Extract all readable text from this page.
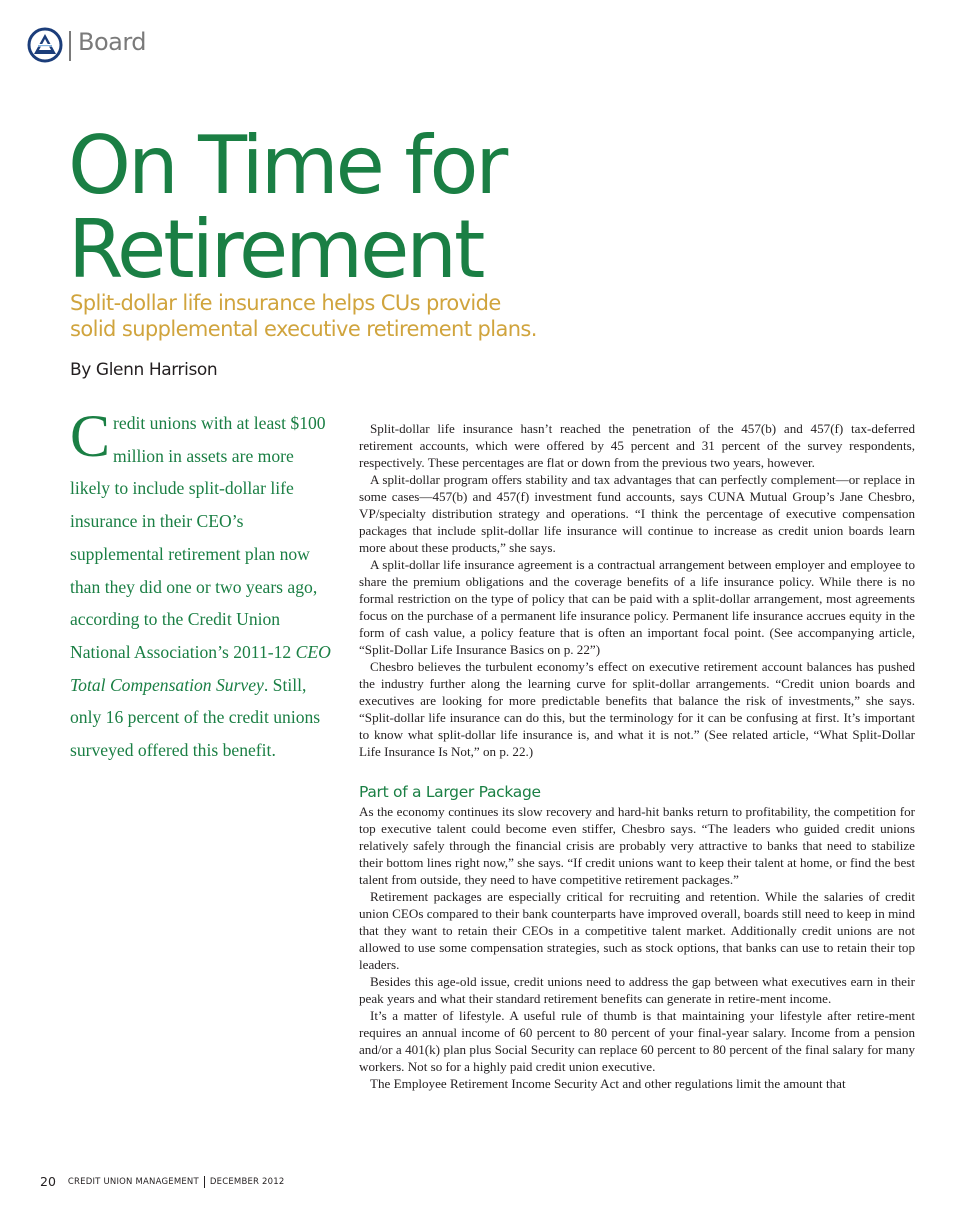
Board
On Time for
Retirement
Split-dollar life insurance helps CUs provide
solid supplemental executive retirement plans.
By Glenn Harrison
Credit unions with at least $100 million in assets are more likely to include split-dollar life insurance in their CEO’s supplemental retirement plan now than they did one or two years ago, according to the Credit Union National Association’s 2011-12 CEO Total Compensation Survey. Still, only 16 percent of the credit unions surveyed offered this benefit.

Split-dollar life insurance hasn’t reached the penetration of the 457(b) and 457(f) tax-deferred retirement accounts, which were offered by 45 percent and 31 percent of the survey respondents, respectively. These percentages are flat or down from the previous two years, however.

A split-dollar program offers stability and tax advantages that can perfectly complement—or replace in some cases—457(b) and 457(f) investment fund accounts, says CUNA Mutual Group’s Jane Chesbro, VP/specialty distribution strategy and operations. “I think the percentage of executive compensation packages that include split-dollar life insurance will continue to increase as credit union boards learn more about these products,” she says.

A split-dollar life insurance agreement is a contractual arrangement between employer and employee to share the premium obligations and the coverage benefits of a life insurance policy. While there is no formal restriction on the type of policy that can be paid with a split-dollar arrangement, most agreements focus on the purchase of a permanent life insurance policy. Permanent life insurance accrues equity in the form of cash value, a policy feature that is often an important focal point. (See accompanying article, “Split-Dollar Life Insurance Basics on p. 22”)

Chesbro believes the turbulent economy’s effect on executive retirement account balances has pushed the industry further along the learning curve for split-dollar arrangements. “Credit union boards and executives are looking for more predictable benefits that balance the risk of investments,” she says. “Split-dollar life insurance can do this, but the terminology for it can be confusing at first. It’s important to know what split-dollar life insurance is, and what it is not.” (See related article, “What Split-Dollar Life Insurance Is Not,” on p. 22.)

Part of a Larger Package

As the economy continues its slow recovery and hard-hit banks return to profitability, the competition for top executive talent could become even stiffer, Chesbro says. “The leaders who guided credit unions relatively safely through the financial crisis are probably very attractive to banks that need to stabilize their bottom lines right now,” she says. “If credit unions want to keep their talent at home, or find the best talent from outside, they need to have competitive retirement packages.”

Retirement packages are especially critical for recruiting and retention. While the salaries of credit union CEOs compared to their bank counterparts have improved overall, boards still need to keep in mind that they want to retain their CEOs in a competitive talent market. Additionally credit unions are not allowed to use some compensation strategies, such as stock options, that banks can use to retain their top leaders.

Besides this age-old issue, credit unions need to address the gap between what executives earn in their peak years and what their standard retirement benefits can generate in retire-ment income.

It’s a matter of lifestyle. A useful rule of thumb is that maintaining your lifestyle after retire-ment requires an annual income of 60 percent to 80 percent of your final-year salary. Income from a pension and/or a 401(k) plan plus Social Security can replace 60 percent to 80 percent of the final salary for many workers. Not so for a highly paid credit union executive.

The Employee Retirement Income Security Act and other regulations limit the amount that

20 CREDIT UNION MANAGEMENT DECEMBER 2012
